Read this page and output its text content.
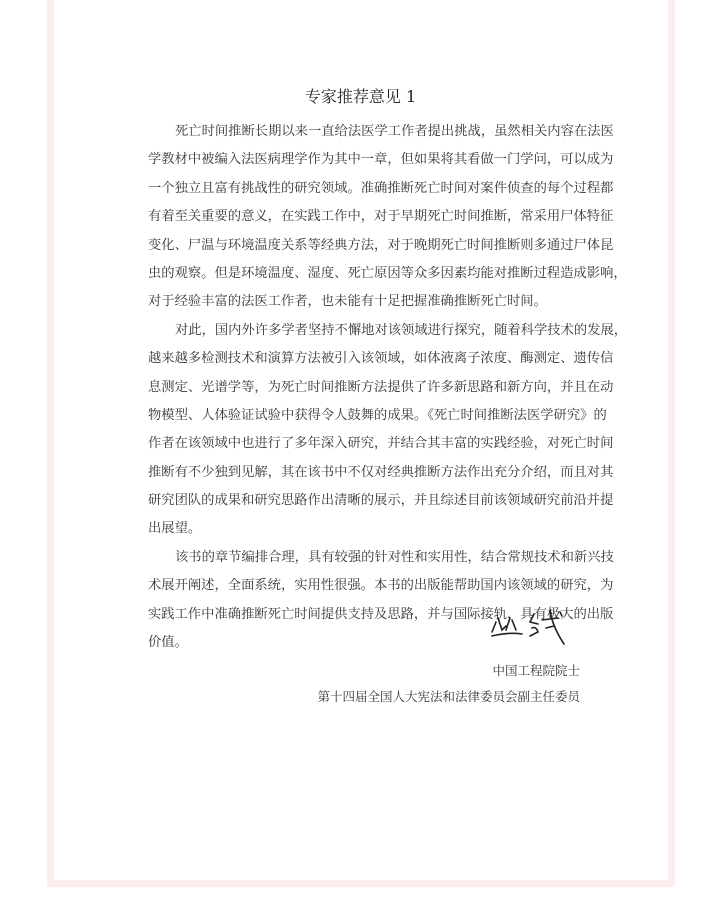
专家推荐意见 1
死亡时间推断长期以来一直给法医学工作者提出挑战，虽然相关内容在法医
学教材中被编入法医病理学作为其中一章，但如果将其看做一门学问，可以成为
一个独立且富有挑战性的研究领域。准确推断死亡时间对案件侦查的每个过程都
有着至关重要的意义，在实践工作中，对于早期死亡时间推断，常采用尸体特征
变化、尸温与环境温度关系等经典方法，对于晚期死亡时间推断则多通过尸体昆
虫的观察。但是环境温度、湿度、死亡原因等众多因素均能对推断过程造成影响，
对于经验丰富的法医工作者，也未能有十足把握准确推断死亡时间。
对此，国内外许多学者坚持不懈地对该领域进行探究，随着科学技术的发展，
越来越多检测技术和演算方法被引入该领域，如体液离子浓度、酶测定、遗传信
息测定、光谱学等，为死亡时间推断方法提供了许多新思路和新方向，并且在动
物模型、人体验证试验中获得令人鼓舞的成果。《死亡时间推断法医学研究》的
作者在该领域中也进行了多年深入研究，并结合其丰富的实践经验，对死亡时间
推断有不少独到见解，其在该书中不仅对经典推断方法作出充分介绍，而且对其
研究团队的成果和研究思路作出清晰的展示，并且综述目前该领域研究前沿并提
出展望。
该书的章节编排合理，具有较强的针对性和实用性，结合常规技术和新兴技
术展开阐述，全面系统，实用性很强。本书的出版能帮助国内该领域的研究，为
实践工作中准确推断死亡时间提供支持及思路，并与国际接轨，具有极大的出版
价值。
中国工程院院士
第十四届全国人大宪法和法律委员会副主任委员
